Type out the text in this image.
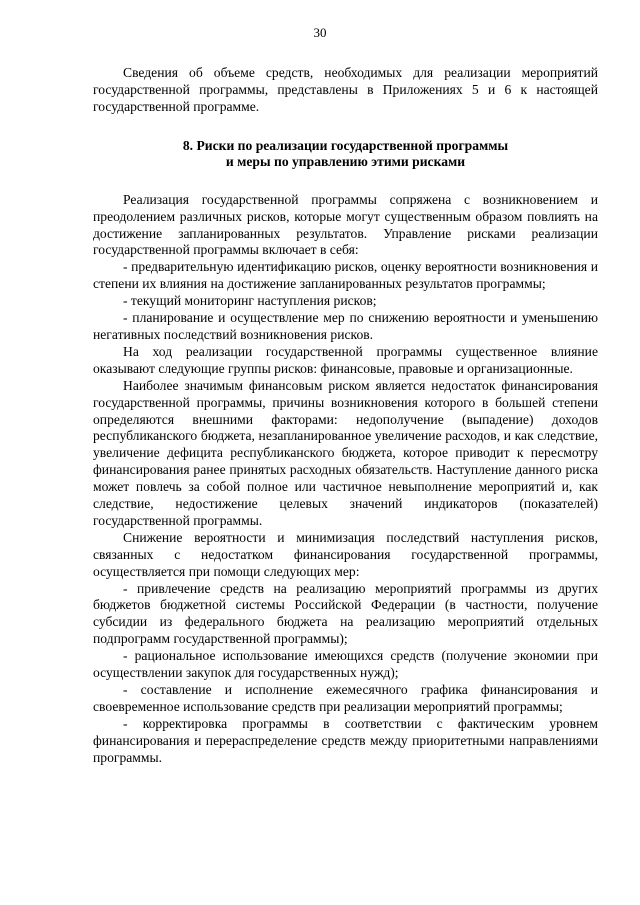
30

Сведения об объеме средств, необходимых для реализации мероприятий государственной программы, представлены в Приложениях 5 и 6 к настоящей государственной программе.

8. Риски по реализации государственной программы
и меры по управлению этими рисками

Реализация государственной программы сопряжена с возникновением и преодолением различных рисков, которые могут существенным образом повлиять на достижение запланированных результатов. Управление рисками реализации государственной программы включает в себя:

- предварительную идентификацию рисков, оценку вероятности возникновения и степени их влияния на достижение запланированных результатов программы;

- текущий мониторинг наступления рисков;

- планирование и осуществление мер по снижению вероятности и уменьшению негативных последствий возникновения рисков.

На ход реализации государственной программы существенное влияние оказывают следующие группы рисков: финансовые, правовые и организационные.

Наиболее значимым финансовым риском является недостаток финансирования государственной программы, причины возникновения которого в большей степени определяются внешними факторами: недополучение (выпадение) доходов республиканского бюджета, незапланированное увеличение расходов, и как следствие, увеличение дефицита республиканского бюджета, которое приводит к пересмотру финансирования ранее принятых расходных обязательств. Наступление данного риска может повлечь за собой полное или частичное невыполнение мероприятий и, как следствие, недостижение целевых значений индикаторов (показателей) государственной программы.

Снижение вероятности и минимизация последствий наступления рисков, связанных с недостатком финансирования государственной программы, осуществляется при помощи следующих мер:

- привлечение средств на реализацию мероприятий программы из других бюджетов бюджетной системы Российской Федерации (в частности, получение субсидии из федерального бюджета на реализацию мероприятий отдельных подпрограмм государственной программы);

- рациональное использование имеющихся средств (получение экономии при осуществлении закупок для государственных нужд);

- составление и исполнение ежемесячного графика финансирования и своевременное использование средств при реализации мероприятий программы;

- корректировка программы в соответствии с фактическим уровнем финансирования и перераспределение средств между приоритетными направлениями программы.
